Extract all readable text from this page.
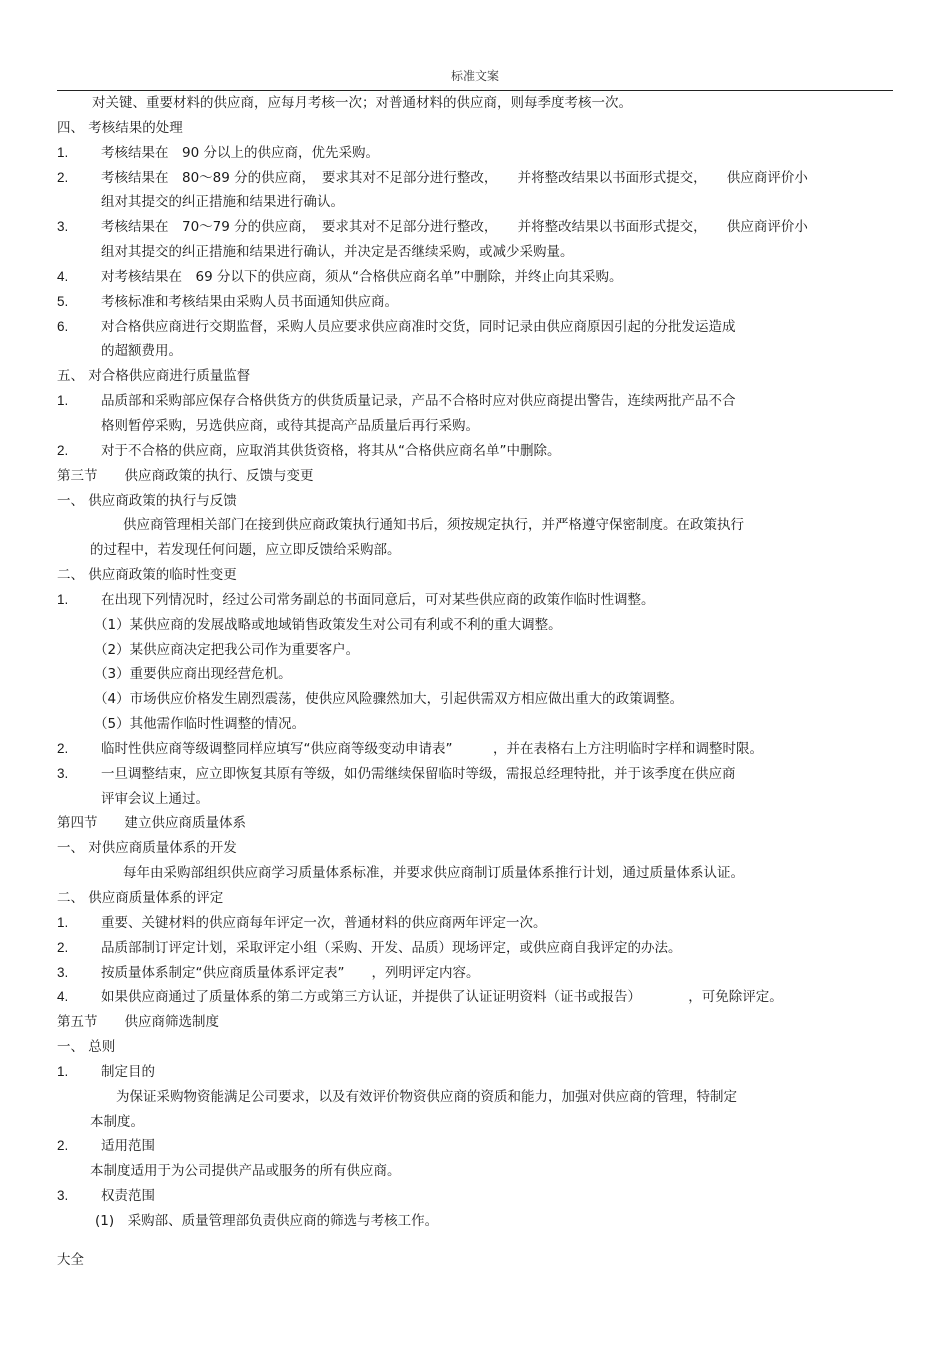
标准文案
对关键、重要材料的供应商，应每月考核一次；对普通材料的供应商，则每季度考核一次。
四、 考核结果的处理
1. 考核结果在　90 分以上的供应商，优先采购。
2. 考核结果在　80～89 分的供应商，　要求其对不足部分进行整改，　　并将整改结果以书面形式提交，　　供应商评价小
组对其提交的纠正措施和结果进行确认。
3. 考核结果在　70～79 分的供应商，　要求其对不足部分进行整改，　　并将整改结果以书面形式提交，　　供应商评价小
组对其提交的纠正措施和结果进行确认，并决定是否继续采购，或减少采购量。
4. 对考核结果在　69 分以下的供应商，须从“合格供应商名单”中删除，并终止向其采购。
5. 考核标准和考核结果由采购人员书面通知供应商。
6. 对合格供应商进行交期监督，采购人员应要求供应商准时交货，同时记录由供应商原因引起的分批发运造成
的超额费用。
五、 对合格供应商进行质量监督
1. 品质部和采购部应保存合格供货方的供货质量记录，产品不合格时应对供应商提出警告，连续两批产品不合
格则暂停采购，另选供应商，或待其提高产品质量后再行采购。
2. 对于不合格的供应商，应取消其供货资格，将其从“合格供应商名单”中删除。
第三节　　供应商政策的执行、反馈与变更
一、 供应商政策的执行与反馈
供应商管理相关部门在接到供应商政策执行通知书后，须按规定执行，并严格遵守保密制度。在政策执行
的过程中，若发现任何问题，应立即反馈给采购部。
二、 供应商政策的临时性变更
1. 在出现下列情况时，经过公司常务副总的书面同意后，可对某些供应商的政策作临时性调整。
（1）某供应商的发展战略或地域销售政策发生对公司有利或不利的重大调整。
（2）某供应商决定把我公司作为重要客户。
（3）重要供应商出现经营危机。
（4）市场供应价格发生剧烈震荡，使供应风险骤然加大，引起供需双方相应做出重大的政策调整。
（5）其他需作临时性调整的情况。
2. 临时性供应商等级调整同样应填写“供应商等级变动申请表”　　　，并在表格右上方注明临时字样和调整时限。
3. 一旦调整结束，应立即恢复其原有等级，如仍需继续保留临时等级，需报总经理特批，并于该季度在供应商
评审会议上通过。
第四节　　建立供应商质量体系
一、 对供应商质量体系的开发
每年由采购部组织供应商学习质量体系标准，并要求供应商制订质量体系推行计划，通过质量体系认证。
二、 供应商质量体系的评定
1. 重要、关键材料的供应商每年评定一次，普通材料的供应商两年评定一次。
2. 品质部制订评定计划，采取评定小组（采购、开发、品质）现场评定，或供应商自我评定的办法。
3. 按质量体系制定“供应商质量体系评定表”　　，列明评定内容。
4. 如果供应商通过了质量体系的第二方或第三方认证，并提供了认证证明资料（证书或报告）　　　　，可免除评定。
第五节　　供应商筛选制度
一、 总则
1. 制定目的
为保证采购物资能满足公司要求，以及有效评价物资供应商的资质和能力，加强对供应商的管理，特制定
本制度。
2. 适用范围
本制度适用于为公司提供产品或服务的所有供应商。
3. 权责范围
(1)　采购部、质量管理部负责供应商的筛选与考核工作。
大全
